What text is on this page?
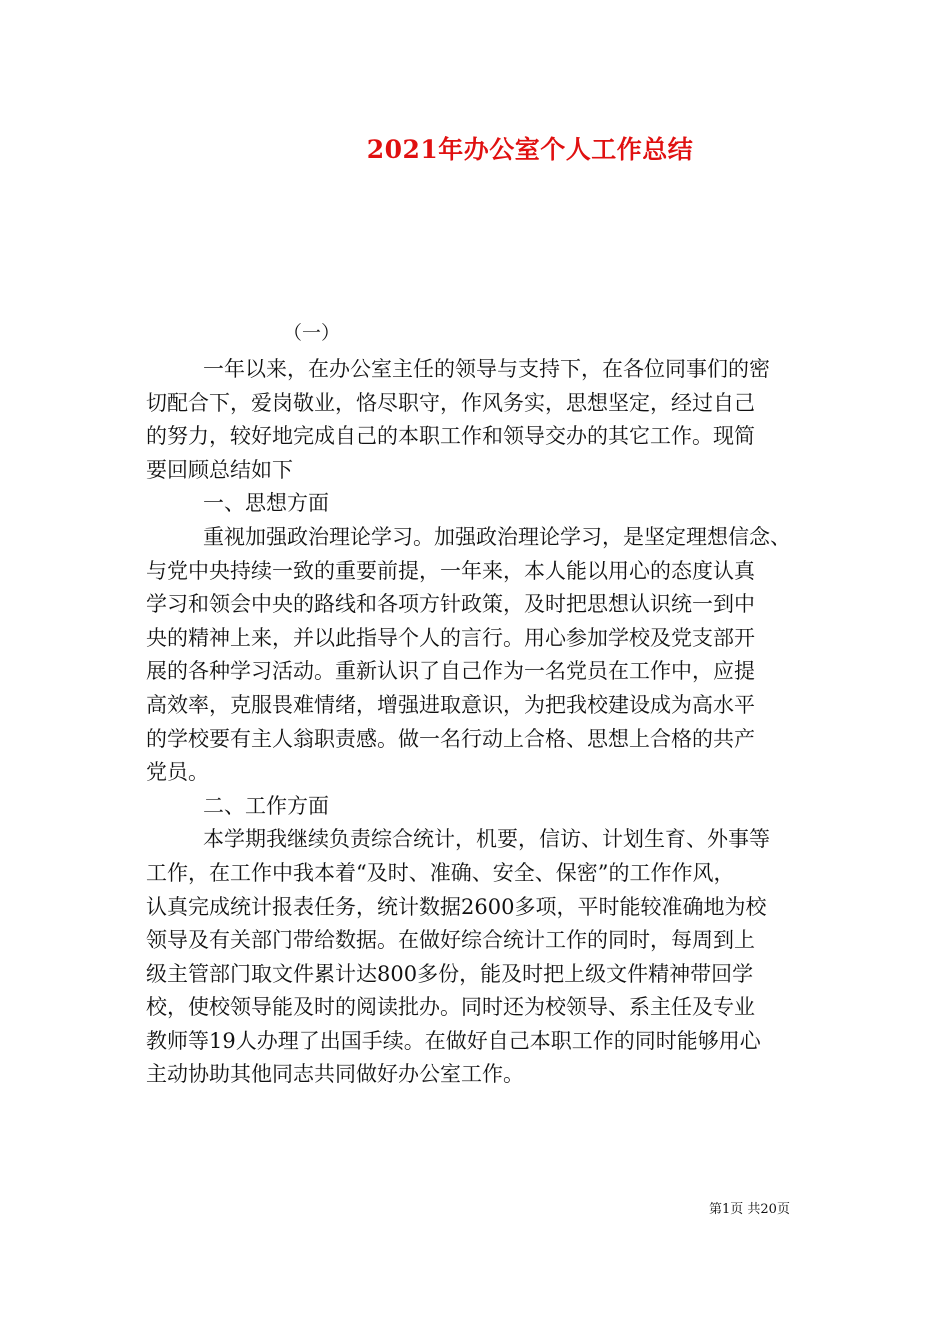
2021年办公室个人工作总结

（一）

一年以来，在办公室主任的领导与支持下，在各位同事们的密
切配合下，爱岗敬业，恪尽职守，作风务实，思想坚定，经过自己
的努力，较好地完成自己的本职工作和领导交办的其它工作。现简
要回顾总结如下

一、思想方面

重视加强政治理论学习。加强政治理论学习，是坚定理想信念、
与党中央持续一致的重要前提，一年来，本人能以用心的态度认真
学习和领会中央的路线和各项方针政策，及时把思想认识统一到中
央的精神上来，并以此指导个人的言行。用心参加学校及党支部开
展的各种学习活动。重新认识了自己作为一名党员在工作中，应提
高效率，克服畏难情绪，增强进取意识，为把我校建设成为高水平
的学校要有主人翁职责感。做一名行动上合格、思想上合格的共产
党员。

二、工作方面

本学期我继续负责综合统计，机要，信访、计划生育、外事等
工作，在工作中我本着“及时、准确、安全、保密”的工作作风，
认真完成统计报表任务，统计数据2600多项，平时能较准确地为校
领导及有关部门带给数据。在做好综合统计工作的同时，每周到上
级主管部门取文件累计达800多份，能及时把上级文件精神带回学
校，使校领导能及时的阅读批办。同时还为校领导、系主任及专业
教师等19人办理了出国手续。在做好自己本职工作的同时能够用心
主动协助其他同志共同做好办公室工作。

第1页 共20页
